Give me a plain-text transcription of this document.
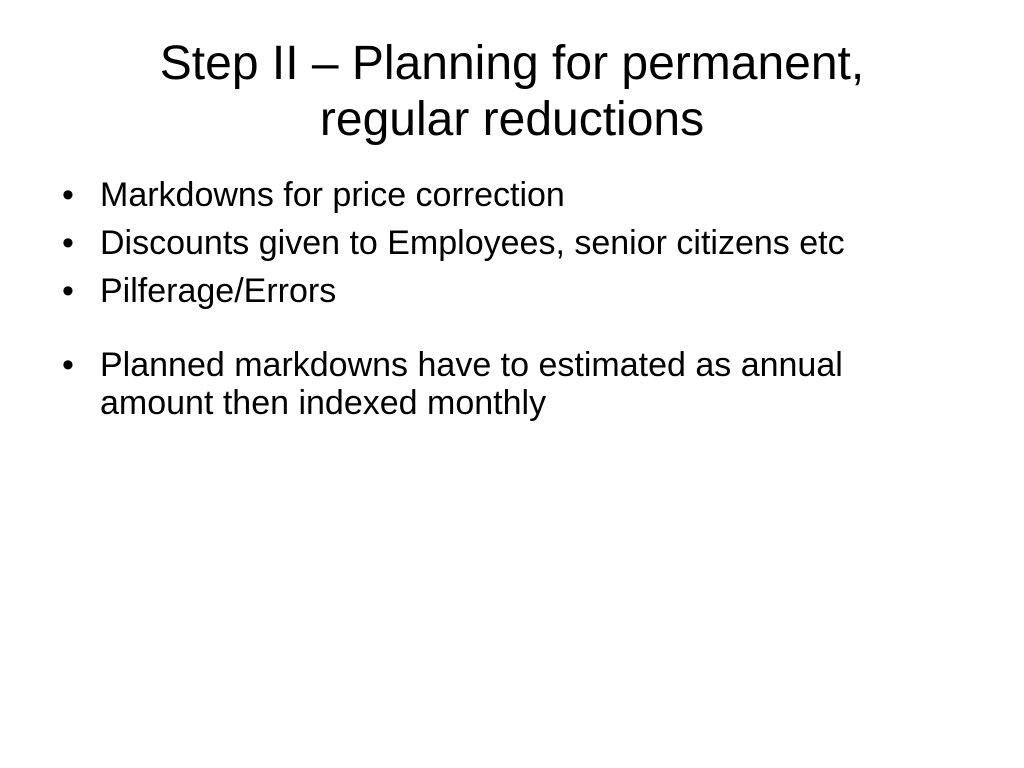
Step II – Planning for permanent,
regular reductions
• Markdowns for price correction
• Discounts given to Employees, senior citizens etc
• Pilferage/Errors
• Planned markdowns have to estimated as annual amount then indexed monthly
